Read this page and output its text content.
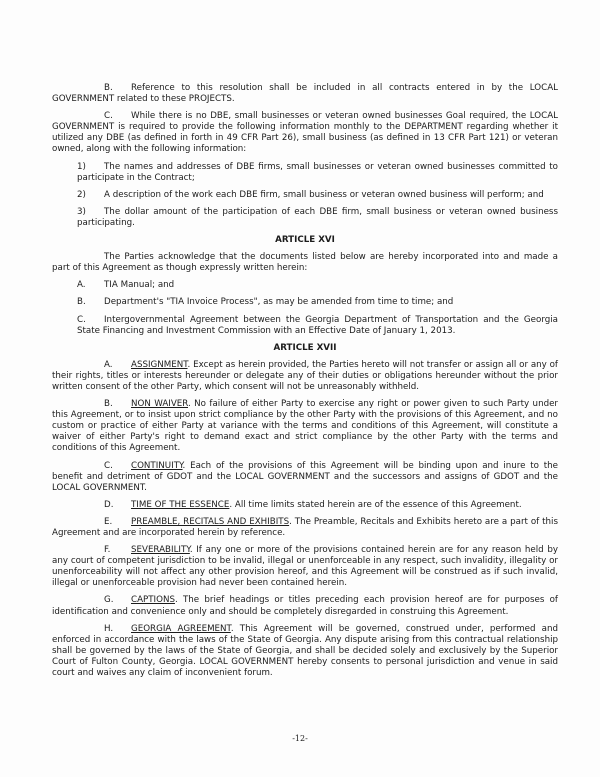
B. Reference to this resolution shall be included in all contracts entered in by the LOCAL GOVERNMENT related to these PROJECTS.

C. While there is no DBE, small businesses or veteran owned businesses Goal required, the LOCAL GOVERNMENT is required to provide the following information monthly to the DEPARTMENT regarding whether it utilized any DBE (as defined in forth in 49 CFR Part 26), small business (as defined in 13 CFR Part 121) or veteran owned, along with the following information:

1) The names and addresses of DBE firms, small businesses or veteran owned businesses committed to participate in the Contract;

2) A description of the work each DBE firm, small business or veteran owned business will perform; and

3) The dollar amount of the participation of each DBE firm, small business or veteran owned business participating.

ARTICLE XVI

The Parties acknowledge that the documents listed below are hereby incorporated into and made a part of this Agreement as though expressly written herein:

A. TIA Manual; and

B. Department's "TIA Invoice Process", as may be amended from time to time; and

C. Intergovernmental Agreement between the Georgia Department of Transportation and the Georgia State Financing and Investment Commission with an Effective Date of January 1, 2013.

ARTICLE XVII

A. ASSIGNMENT. Except as herein provided, the Parties hereto will not transfer or assign all or any of their rights, titles or interests hereunder or delegate any of their duties or obligations hereunder without the prior written consent of the other Party, which consent will not be unreasonably withheld.

B. NON WAIVER. No failure of either Party to exercise any right or power given to such Party under this Agreement, or to insist upon strict compliance by the other Party with the provisions of this Agreement, and no custom or practice of either Party at variance with the terms and conditions of this Agreement, will constitute a waiver of either Party's right to demand exact and strict compliance by the other Party with the terms and conditions of this Agreement.

C. CONTINUITY. Each of the provisions of this Agreement will be binding upon and inure to the benefit and detriment of GDOT and the LOCAL GOVERNMENT and the successors and assigns of GDOT and the LOCAL GOVERNMENT.

D. TIME OF THE ESSENCE. All time limits stated herein are of the essence of this Agreement.

E. PREAMBLE, RECITALS AND EXHIBITS. The Preamble, Recitals and Exhibits hereto are a part of this Agreement and are incorporated herein by reference.

F. SEVERABILITY. If any one or more of the provisions contained herein are for any reason held by any court of competent jurisdiction to be invalid, illegal or unenforceable in any respect, such invalidity, illegality or unenforceability will not affect any other provision hereof, and this Agreement will be construed as if such invalid, illegal or unenforceable provision had never been contained herein.

G. CAPTIONS. The brief headings or titles preceding each provision hereof are for purposes of identification and convenience only and should be completely disregarded in construing this Agreement.

H. GEORGIA AGREEMENT. This Agreement will be governed, construed under, performed and enforced in accordance with the laws of the State of Georgia. Any dispute arising from this contractual relationship shall be governed by the laws of the State of Georgia, and shall be decided solely and exclusively by the Superior Court of Fulton County, Georgia. LOCAL GOVERNMENT hereby consents to personal jurisdiction and venue in said court and waives any claim of inconvenient forum.

-12-
